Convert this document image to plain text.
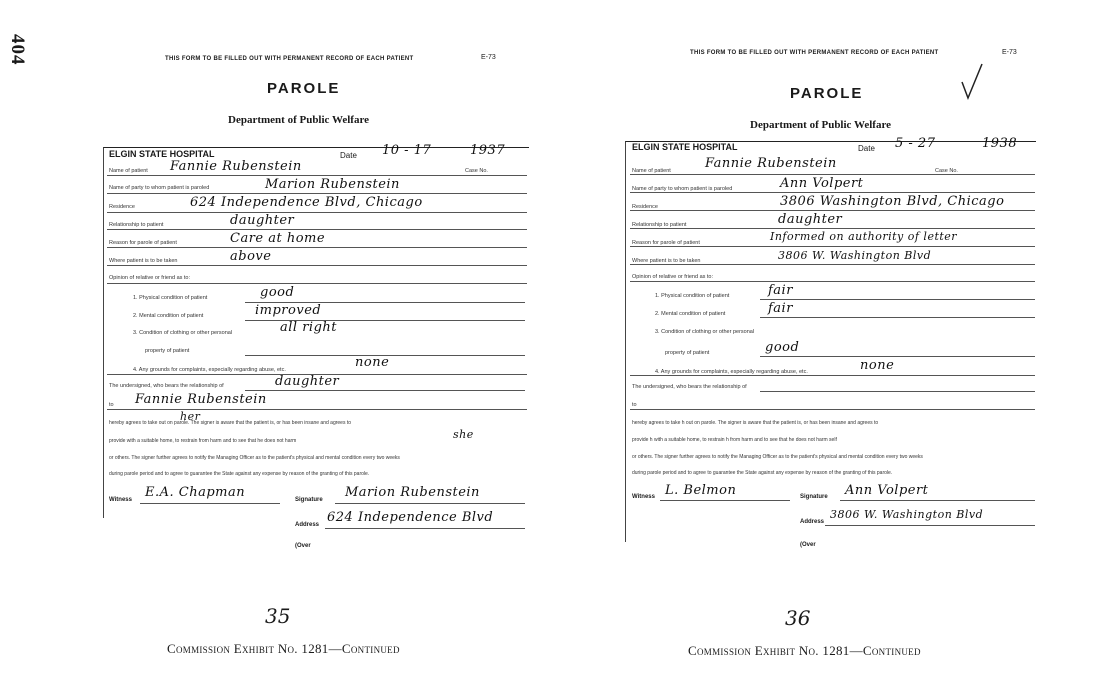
404	THIS FORM TO BE FILLED OUT WITH PERMANENT RECORD OF EACH PATIENT	E-73
PAROLE
Department of Public Welfare
ELGIN STATE HOSPITAL	Date 10 - 17	1937
Name of patient Fannie Rubenstein	Case No.
Name of party to whom patient is paroled	Marion Rubenstein
Residence	624 Independence Blvd, Chicago
Relationship to patient	daughter
Reason for parole of patient	Care at home
Where patient is to be taken	above
Opinion of relative or friend as to:
1. Physical condition of patient	good
2. Mental condition of patient	improved
3. Condition of clothing or other personal	all right
property of patient
4. Any grounds for complaints, especially regarding abuse, etc.	none
The undersigned, who bears the relationship of	daughter
to Fannie Rubenstein
hereby agrees to take out on parole. The signer is aware that the patient is, or has been insane and agrees to
her
provide with a suitable home, to restrain from harm and to see that he does not harm	she
or others. The signer further agrees to notify the Managing Officer as to the patient's physical and mental condition every two weeks
during parole period and to agree to guarantee the State against any expense by reason of the granting of this parole.
Witness E.A. Chapman	Signature Marion Rubenstein
Address 624 Independence Blvd
(Over
35
Commission Exhibit No. 1281—Continued
THIS FORM TO BE FILLED OUT WITH PERMANENT RECORD OF EACH PATIENT	E-73
PAROLE
Department of Public Welfare
ELGIN STATE HOSPITAL	Date 5 - 27	1938
Name of patient	Fannie Rubenstein	Case No.
Name of party to whom patient is paroled	Ann Volpert
Residence	3806 Washington Blvd, Chicago
Relationship to patient	daughter
Reason for parole of patient	Informed on authority of letter
Where patient is to be taken	3806 W. Washington Blvd
Opinion of relative or friend as to:
1. Physical condition of patient	fair
2. Mental condition of patient	fair
3. Condition of clothing or other personal
property of patient	good
4. Any grounds for complaints, especially regarding abuse, etc.	none
The undersigned, who bears the relationship of
to
hereby agrees to take h out on parole. The signer is aware that the patient is, or has been insane and agrees to
provide h with a suitable home, to restrain h from harm and to see that he does not harm self
or others. The signer further agrees to notify the Managing Officer as to the patient's physical and mental condition every two weeks
during parole period and to agree to guarantee the State against any expense by reason of the granting of this parole.
Witness L. Belmon	Signature Ann Volpert
Address
3806 W. Washington Blvd
(Over
36
Commission Exhibit No. 1281—Continued
